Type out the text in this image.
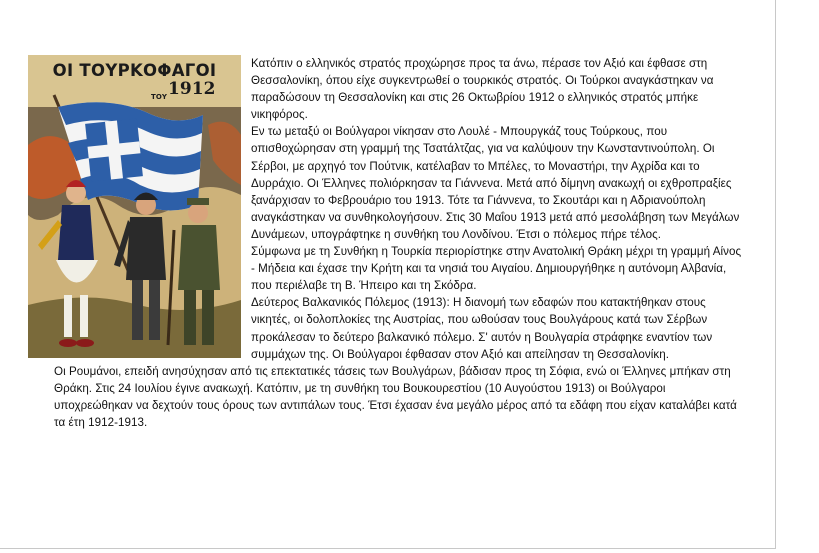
ΟΙ ΤΟΥΡΚΟΦΑΓΟΙ
ΤΟΥ 1912

Κατόπιν ο ελληνικός στρατός προχώρησε προς τα άνω, πέρασε τον Αξιό και έφθασε στη Θεσσαλονίκη, όπου είχε συγκεντρωθεί ο τουρκικός στρατός. Οι Τούρκοι αναγκάστηκαν να παραδώσουν τη Θεσσαλονίκη και στις 26 Οκτωβρίου 1912 ο ελληνικός στρατός μπήκε νικηφόρος.

Εν τω μεταξύ οι Βούλγαροι νίκησαν στο Λουλέ - Μπουργκάζ τους Τούρκους, που οπισθοχώρησαν στη γραμμή της Τσατάλτζας, για να καλύψουν την Κωνσταντινούπολη. Οι Σέρβοι, με αρχηγό τον Πούτνικ, κατέλαβαν το Μπέλες, το Μοναστήρι, την Αχρίδα και το Δυρράχιο. Οι Έλληνες πολιόρκησαν τα Γιάννενα. Μετά από δίμηνη ανακωχή οι εχθροπραξίες ξανάρχισαν το Φεβρουάριο του 1913. Τότε τα Γιάννενα, το Σκουτάρι και η Αδριανούπολη αναγκάστηκαν να συνθηκολογήσουν. Στις 30 Μαΐου 1913 μετά από μεσολάβηση των Μεγάλων Δυνάμεων, υπογράφτηκε η συνθήκη του Λονδίνου. Έτσι ο πόλεμος πήρε τέλος.

Σύμφωνα με τη Συνθήκη η Τουρκία περιορίστηκε στην Ανατολική Θράκη μέχρι τη γραμμή Αίνος - Μήδεια και έχασε την Κρήτη και τα νησιά του Αιγαίου. Δημιουργήθηκε η αυτόνομη Αλβανία, που περιέλαβε τη Β. Ήπειρο και τη Σκόδρα.

Δεύτερος Βαλκανικός Πόλεμος (1913): Η διανομή των εδαφών που κατακτήθηκαν στους νικητές, οι δολοπλοκίες της Αυστρίας, που ωθούσαν τους Βουλγάρους κατά των Σέρβων προκάλεσαν το δεύτερο βαλκανικό πόλεμο. Σ' αυτόν η Βουλγαρία στράφηκε εναντίον των συμμάχων της. Οι Βούλγαροι έφθασαν στον Αξιό και απείλησαν τη Θεσσαλονίκη.

Οι Ρουμάνοι, επειδή ανησύχησαν από τις επεκτατικές τάσεις των Βουλγάρων, βάδισαν προς τη Σόφια, ενώ οι Έλληνες μπήκαν στη Θράκη. Στις 24 Ιουλίου έγινε ανακωχή. Κατόπιν, με τη συνθήκη του Βουκουρεστίου (10 Αυγούστου 1913) οι Βούλγαροι υποχρεώθηκαν να δεχτούν τους όρους των αντιπάλων τους. Έτσι έχασαν ένα μεγάλο μέρος από τα εδάφη που είχαν καταλάβει κατά τα έτη 1912-1913.
